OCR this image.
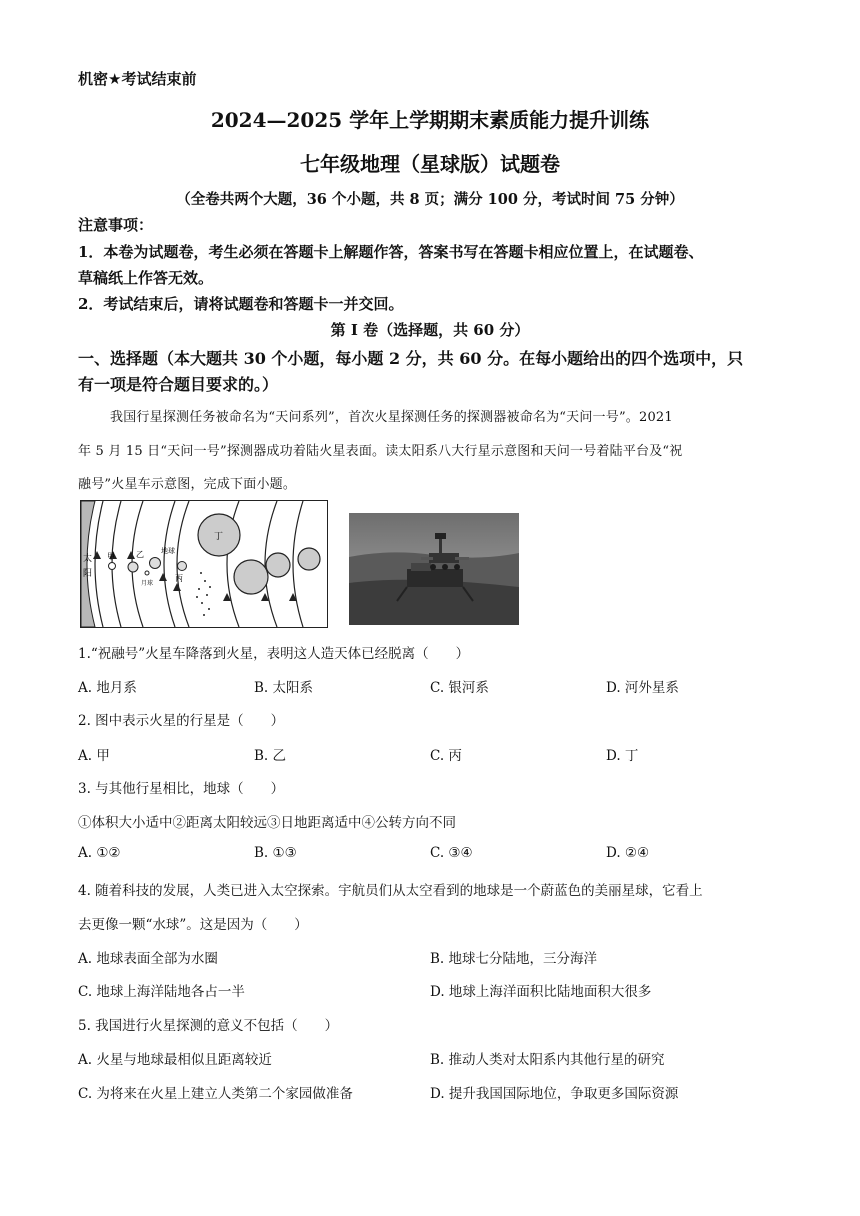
机密★考试结束前
2024—2025 学年上学期期末素质能力提升训练
七年级地理（星球版）试题卷
（全卷共两个大题，36 个小题，共 8 页；满分 100 分，考试时间 75 分钟）
注意事项：
1．本卷为试题卷，考生必须在答题卡上解题作答，答案书写在答题卡相应位置上，在试题卷、
草稿纸上作答无效。
2．考试结束后，请将试题卷和答题卡一并交回。
第 I 卷（选择题，共 60 分）
一、选择题（本大题共 30 个小题，每小题 2 分，共 60 分。在每小题给出的四个选项中，只
有一项是符合题目要求的。）
我国行星探测任务被命名为“天问系列”，首次火星探测任务的探测器被命名为“天问一号”。2021
年 5 月 15 日“天问一号”探测器成功着陆火星表面。读太阳系八大行星示意图和天问一号着陆平台及“祝
融号”火星车示意图，完成下面小题。
太
阳
甲	乙 地球
月球
丙
丁
1.“祝融号”火星车降落到火星，表明这人造天体已经脱离（　　）
A. 地月系	B. 太阳系	C. 银河系	D. 河外星系
2. 图中表示火星的行星是（　　）
A. 甲	B. 乙	C. 丙	D. 丁
3. 与其他行星相比，地球（　　）
①体积大小适中②距离太阳较远③日地距离适中④公转方向不同
A. ①②	B. ①③	C. ③④	D. ②④
4. 随着科技的发展，人类已进入太空探索。宇航员们从太空看到的地球是一个蔚蓝色的美丽星球，它看上
去更像一颗“水球”。这是因为（　　）
A. 地球表面全部为水圈	B. 地球七分陆地，三分海洋
C. 地球上海洋陆地各占一半	D. 地球上海洋面积比陆地面积大很多
5. 我国进行火星探测的意义不包括（　　）
A. 火星与地球最相似且距离较近	B. 推动人类对太阳系内其他行星的研究
C. 为将来在火星上建立人类第二个家园做准备	D. 提升我国国际地位，争取更多国际资源
